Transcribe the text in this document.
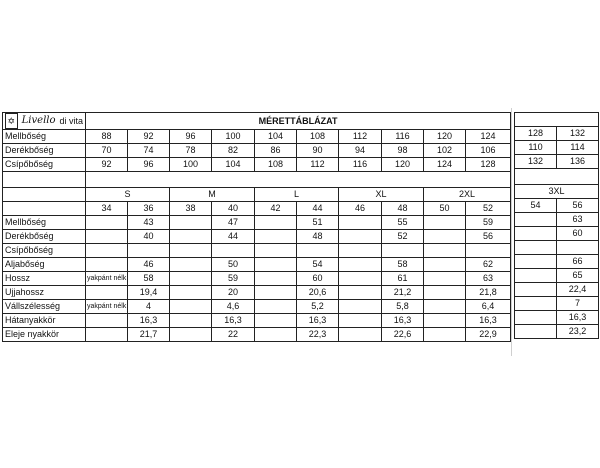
✡ Livello di vita	MÉRETTÁBLÁZAT									
Mellbőség	88	92	96	100	104	108	112	116	120	124
Derékbőség	70	74	78	82	86	90	94	98	102	106
Csípőbőség	92	96	100	104	108	112	116	120	124	128

	S		M		L		XL		2XL	
	34	36	38	40	42	44	46	48	50	52
Mellbőség		43		47		51		55		59
Derékbőség		40		44		48		52		56
Csípőbőség										
Aljabőség		46		50		54		58		62
Hossz	yakpánt nélk	58		59		60		61		63
Ujjahossz		19,4		20		20,6		21,2		21,8
Vállszélesség	yakpánt nélk	4		4,6		5,2		5,8		6,4
Hátanyakkör		16,3		16,3		16,3		16,3		16,3
Eleje nyakkör		21,7		22		22,3		22,6		22,9

128	132
110	114
132	136

3XL	
54	56
	63
	60

	66
	65
	22,4
	7
	16,3
	23,2
